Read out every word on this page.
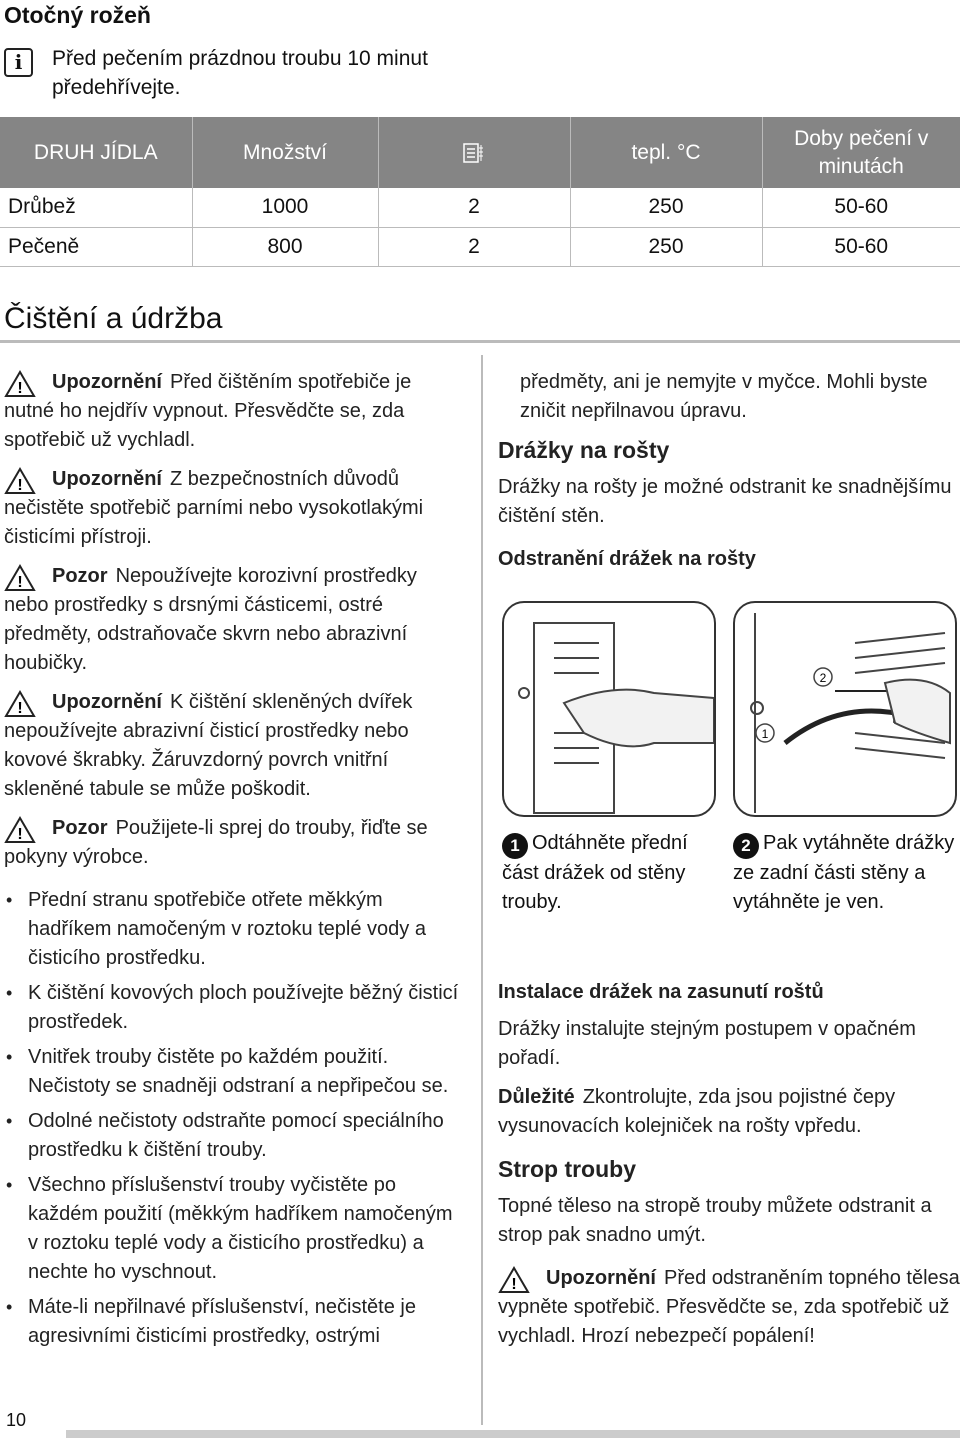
Otočný rožeň
i	Před pečením prázdnou troubu 10 minut předehřívejte.
DRUH JÍDLA	Množství		tepl. °C	Doby pečení v minutách
Drůbež	1000	2	250	50-60
Pečeně	800	2	250	50-60
Čištění a údržba
!	Upozornění Před čištěním spotřebiče je nutné ho nejdřív vypnout. Přesvědčte se, zda spotřebič už vychladl.
!	Upozornění Z bezpečnostních důvodů nečistěte spotřebič parními nebo vysokotlakými čisticími přístroji.
!	Pozor Nepoužívejte korozivní prostředky nebo prostředky s drsnými částicemi, ostré předměty, odstraňovače skvrn nebo abrazivní houbičky.
!	Upozornění K čištění skleněných dvířek nepoužívejte abrazivní čisticí prostředky nebo kovové škrabky. Žáruvzdorný povrch vnitřní skleněné tabule se může poškodit.
!	Pozor Použijete-li sprej do trouby, řiďte se pokyny výrobce.
• Přední stranu spotřebiče otřete měkkým hadříkem namočeným v roztoku teplé vody a čisticího prostředku.
• K čištění kovových ploch používejte běžný čisticí prostředek.
• Vnitřek trouby čistěte po každém použití. Nečistoty se snadněji odstraní a nepřipečou se.
• Odolné nečistoty odstraňte pomocí speciálního prostředku k čištění trouby.
• Všechno příslušenství trouby vyčistěte po každém použití (měkkým hadříkem namočeným v roztoku teplé vody a čisticího prostředku) a nechte ho vyschnout.
• Máte-li nepřilnavé příslušenství, nečistěte je agresivními čisticími prostředky, ostrými
předměty, ani je nemyjte v myčce. Mohli byste zničit nepřilnavou úpravu.
Drážky na rošty
Drážky na rošty je možné odstranit ke snadnějšímu čištění stěn.
Odstranění drážek na rošty
2
1
1 Odtáhněte přední část drážek od stěny trouby.
2 Pak vytáhněte drážky ze zadní části stěny a vytáhněte je ven.
Instalace drážek na zasunutí roštů
Drážky instalujte stejným postupem v opačném pořadí.
Důležité Zkontrolujte, zda jsou pojistné čepy vysunovacích kolejniček na rošty vpředu.
Strop trouby
Topné těleso na stropě trouby můžete odstranit a strop pak snadno umýt.
!	Upozornění Před odstraněním topného tělesa vypněte spotřebič. Přesvědčte se, zda spotřebič už vychladl. Hrozí nebezpečí popálení!
10
